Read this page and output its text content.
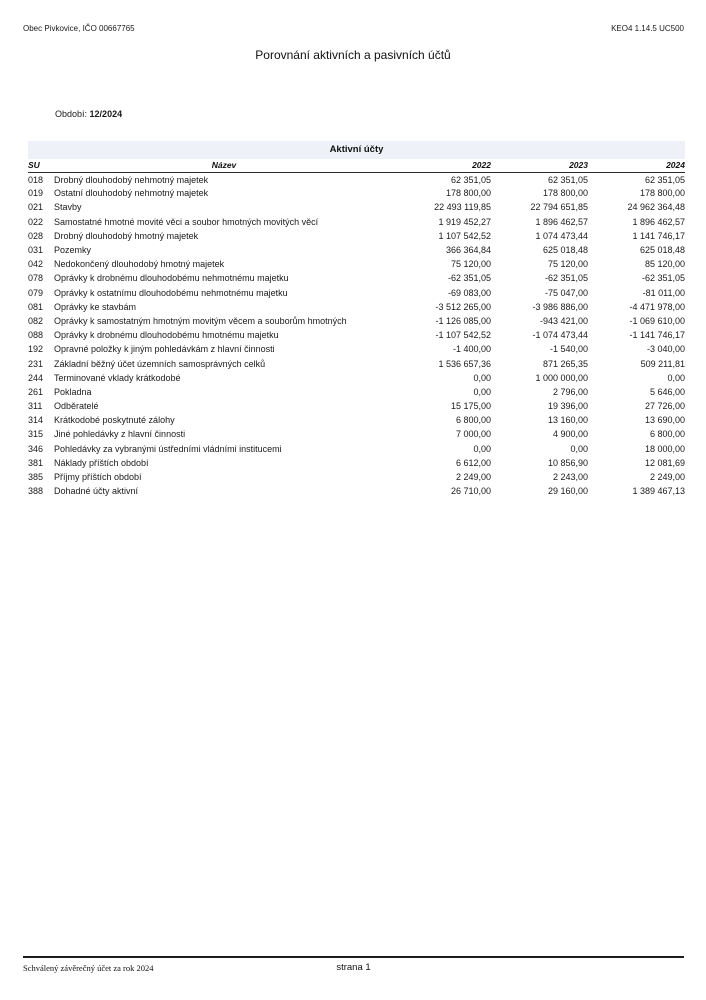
Obec Pivkovice, IČO 00667765	KEO4 1.14.5 UC500
Porovnání aktivních a pasivních účtů
Období: 12/2024
Aktivní účty
SU	Název	2022	2023	2024
018	Drobný dlouhodobý nehmotný majetek	62 351,05	62 351,05	62 351,05
019	Ostatní dlouhodobý nehmotný majetek	178 800,00	178 800,00	178 800,00
021	Stavby	22 493 119,85	22 794 651,85	24 962 364,48
022	Samostatné hmotné movité věci a soubor hmotných movitých věcí	1 919 452,27	1 896 462,57	1 896 462,57
028	Drobný dlouhodobý hmotný majetek	1 107 542,52	1 074 473,44	1 141 746,17
031	Pozemky	366 364,84	625 018,48	625 018,48
042	Nedokončený dlouhodobý hmotný majetek	75 120,00	75 120,00	85 120,00
078	Oprávky k drobnému dlouhodobému nehmotnému majetku	-62 351,05	-62 351,05	-62 351,05
079	Oprávky k ostatnímu dlouhodobému nehmotnému majetku	-69 083,00	-75 047,00	-81 011,00
081	Oprávky ke stavbám	-3 512 265,00	-3 986 886,00	-4 471 978,00
082	Oprávky k samostatným hmotným movitým věcem a souborům hmotných	-1 126 085,00	-943 421,00	-1 069 610,00
088	Oprávky k drobnému dlouhodobému hmotnému majetku	-1 107 542,52	-1 074 473,44	-1 141 746,17
192	Opravné položky k jiným pohledávkám z hlavní činnosti	-1 400,00	-1 540,00	-3 040,00
231	Základní běžný účet územních samosprávných celků	1 536 657,36	871 265,35	509 211,81
244	Terminované vklady krátkodobé	0,00	1 000 000,00	0,00
261	Pokladna	0,00	2 796,00	5 646,00
311	Odběratelé	15 175,00	19 396,00	27 726,00
314	Krátkodobé poskytnuté zálohy	6 800,00	13 160,00	13 690,00
315	Jiné pohledávky z hlavní činnosti	7 000,00	4 900,00	6 800,00
346	Pohledávky za vybranými ústředními vládními institucemi	0,00	0,00	18 000,00
381	Náklady příštích období	6 612,00	10 856,90	12 081,69
385	Příjmy příštích období	2 249,00	2 243,00	2 249,00
388	Dohadné účty aktivní	26 710,00	29 160,00	1 389 467,13
Schválený závěrečný účet za rok 2024	strana 1
